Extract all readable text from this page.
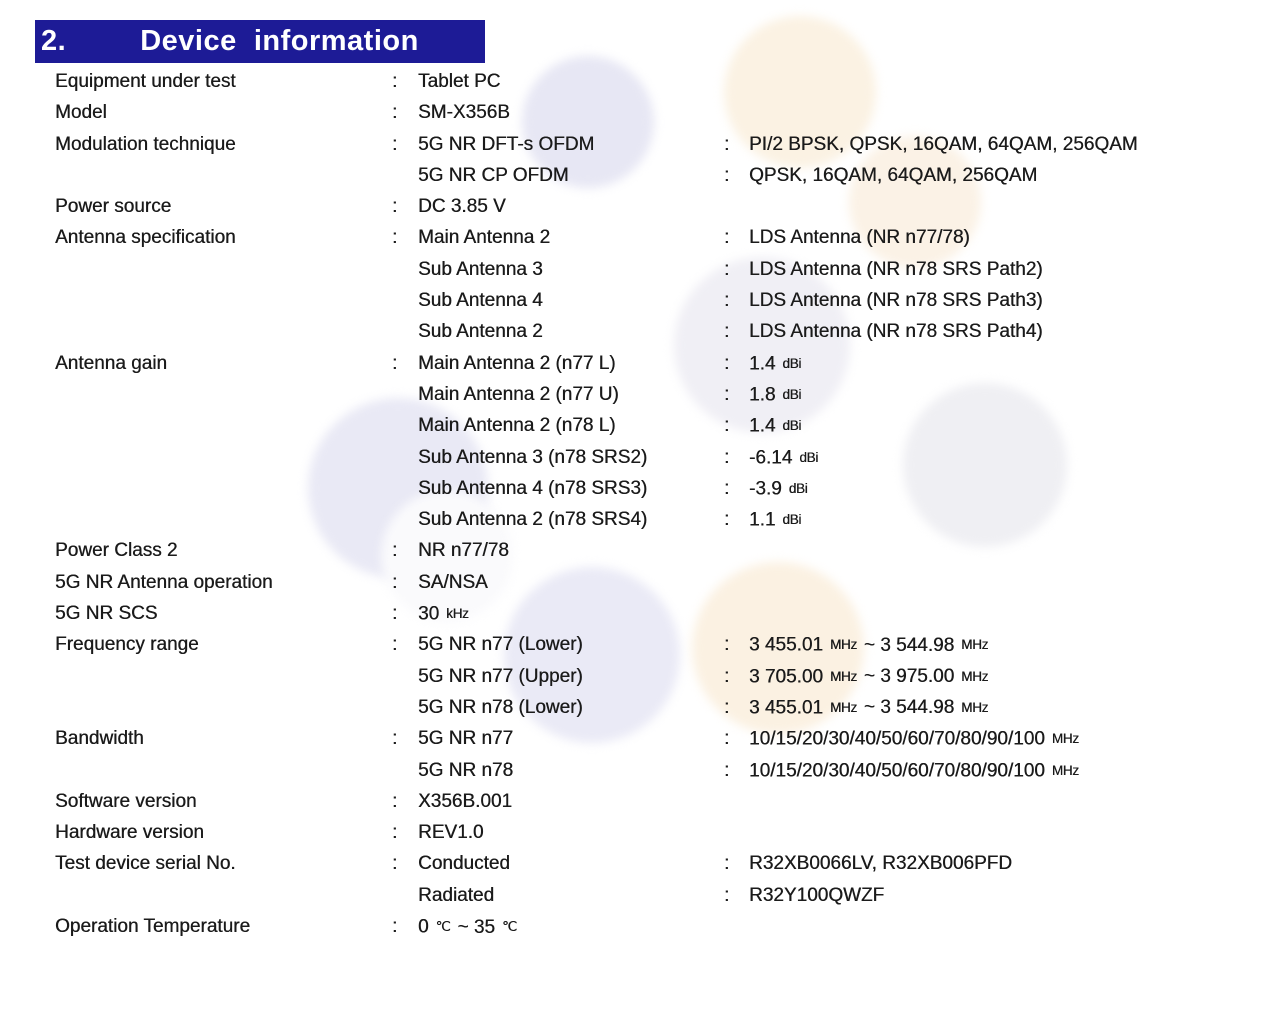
2.	Device  information
Equipment under test	:	Tablet PC
Model	:	SM-X356B
Modulation technique	:	5G NR DFT-s OFDM	:	PI/2 BPSK, QPSK, 16QAM, 64QAM, 256QAM
5G NR CP OFDM	:	QPSK, 16QAM, 64QAM, 256QAM
Power source	:	DC 3.85 V
Antenna specification	:	Main Antenna 2	:	LDS Antenna (NR n77/78)
Sub Antenna 3	:	LDS Antenna (NR n78 SRS Path2)
Sub Antenna 4	:	LDS Antenna (NR n78 SRS Path3)
Sub Antenna 2	:	LDS Antenna (NR n78 SRS Path4)
Antenna gain	:	Main Antenna 2 (n77 L)	:	1.4 dBi
Main Antenna 2 (n77 U)	:	1.8 dBi
Main Antenna 2 (n78 L)	:	1.4 dBi
Sub Antenna 3 (n78 SRS2)	:	-6.14 dBi
Sub Antenna 4 (n78 SRS3)	:	-3.9 dBi
Sub Antenna 2 (n78 SRS4)	:	1.1 dBi
Power Class 2	:	NR n77/78
5G NR Antenna operation	:	SA/NSA
5G NR SCS	:	30 kHz
Frequency range	:	5G NR n77 (Lower)	:	3 455.01 MHz ~ 3 544.98 MHz
5G NR n77 (Upper)	:	3 705.00 MHz ~ 3 975.00 MHz
5G NR n78 (Lower)	:	3 455.01 MHz ~ 3 544.98 MHz
Bandwidth	:	5G NR n77	:	10/15/20/30/40/50/60/70/80/90/100 MHz
5G NR n78	:	10/15/20/30/40/50/60/70/80/90/100 MHz
Software version	:	X356B.001
Hardware version	:	REV1.0
Test device serial No.	:	Conducted	:	R32XB0066LV, R32XB006PFD
Radiated	:	R32Y100QWZF
Operation Temperature	:	0 ℃ ~ 35 ℃
